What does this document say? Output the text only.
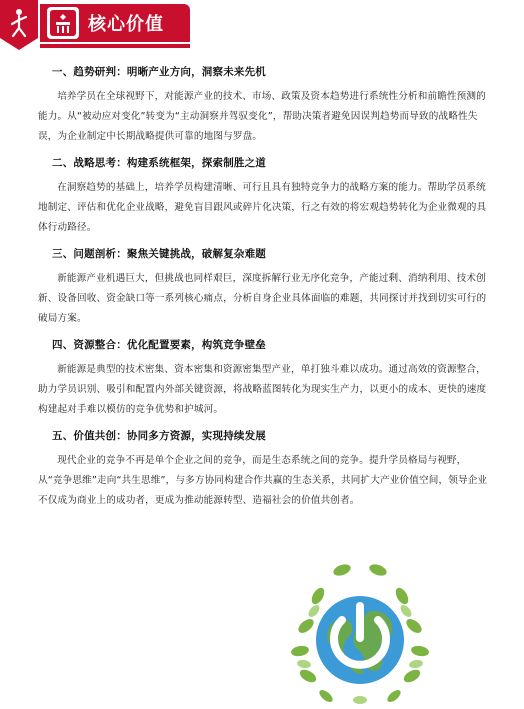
核心价值
一、趋势研判：明晰产业方向，洞察未来先机
培养学员在全球视野下，对能源产业的技术、市场、政策及资本趋势进行系统性分析和前瞻性预测的能力。从“被动应对变化”转变为“主动洞察并驾驭变化”，帮助决策者避免因误判趋势而导致的战略性失误，为企业制定中长期战略提供可靠的地图与罗盘。
二、战略思考：构建系统框架，探索制胜之道
在洞察趋势的基础上，培养学员构建清晰、可行且具有独特竞争力的战略方案的能力。帮助学员系统地制定、评估和优化企业战略，避免盲目跟风或碎片化决策，行之有效的将宏观趋势转化为企业微观的具体行动路径。
三、问题剖析：聚焦关键挑战，破解复杂难题
新能源产业机遇巨大，但挑战也同样艰巨，深度拆解行业无序化竞争，产能过剩、消纳利用、技术创新、设备回收、资金缺口等一系列核心痛点，分析自身企业具体面临的难题，共同探讨并找到切实可行的破局方案。
四、资源整合：优化配置要素，构筑竞争壁垒
新能源是典型的技术密集、资本密集和资源密集型产业，单打独斗难以成功。通过高效的资源整合，助力学员识别、吸引和配置内外部关键资源，将战略蓝图转化为现实生产力，以更小的成本、更快的速度构建起对手难以模仿的竞争优势和护城河。
五、价值共创：协同多方资源，实现持续发展
现代企业的竞争不再是单个企业之间的竞争，而是生态系统之间的竞争。提升学员格局与视野，从“竞争思维”走向“共生思维”，与多方协同构建合作共赢的生态关系，共同扩大产业价值空间，领导企业不仅成为商业上的成功者，更成为推动能源转型、造福社会的价值共创者。
